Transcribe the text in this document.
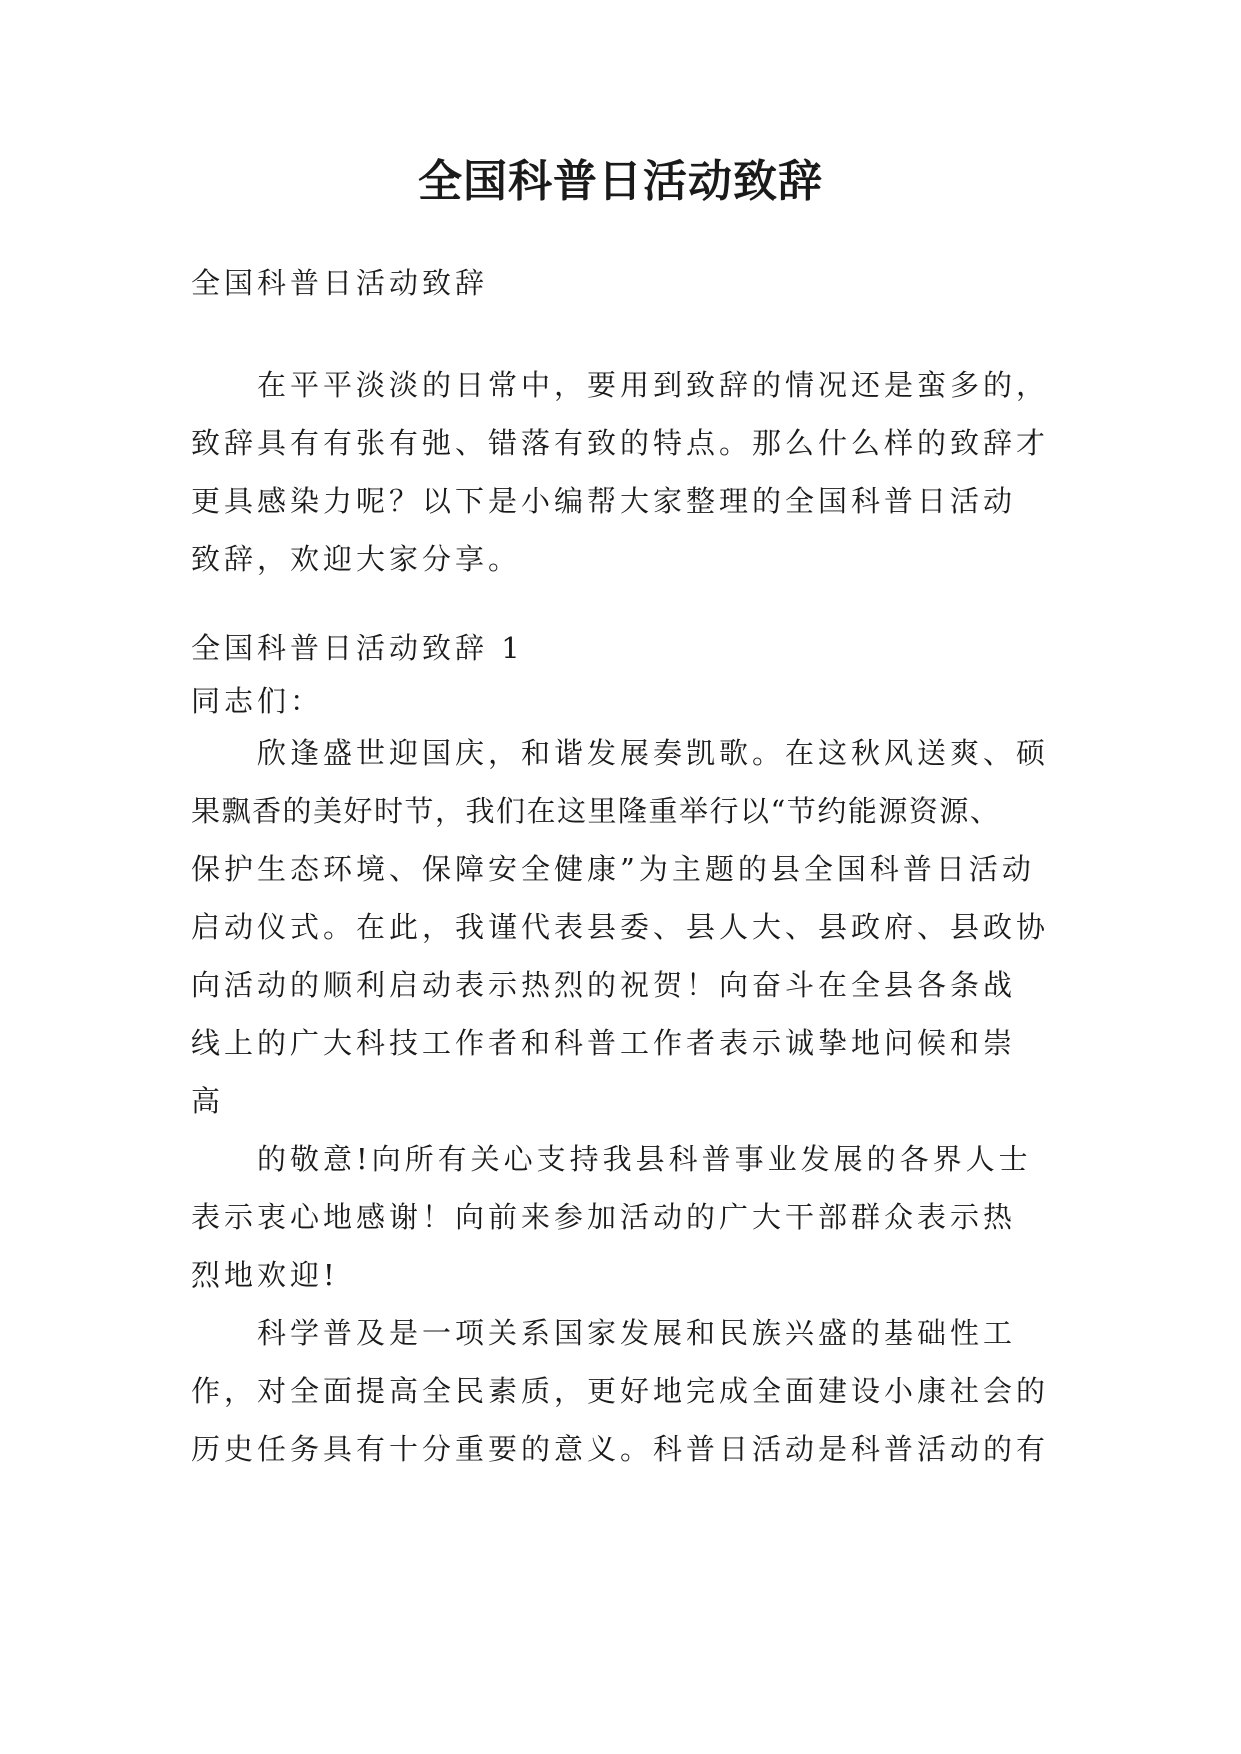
全国科普日活动致辞

全国科普日活动致辞

在平平淡淡的日常中，要用到致辞的情况还是蛮多的，
致辞具有有张有弛、错落有致的特点。那么什么样的致辞才
更具感染力呢？以下是小编帮大家整理的全国科普日活动
致辞，欢迎大家分享。

全国科普日活动致辞 1

同志们：

欣逢盛世迎国庆，和谐发展奏凯歌。在这秋风送爽、硕
果飘香的美好时节，我们在这里隆重举行以“节约能源资源、
保护生态环境、保障安全健康”为主题的县全国科普日活动
启动仪式。在此，我谨代表县委、县人大、县政府、县政协
向活动的顺利启动表示热烈的祝贺！向奋斗在全县各条战
线上的广大科技工作者和科普工作者表示诚挚地问候和崇
高
的敬意!向所有关心支持我县科普事业发展的各界人士
表示衷心地感谢！向前来参加活动的广大干部群众表示热
烈地欢迎!
科学普及是一项关系国家发展和民族兴盛的基础性工
作，对全面提高全民素质，更好地完成全面建设小康社会的
历史任务具有十分重要的意义。科普日活动是科普活动的有
